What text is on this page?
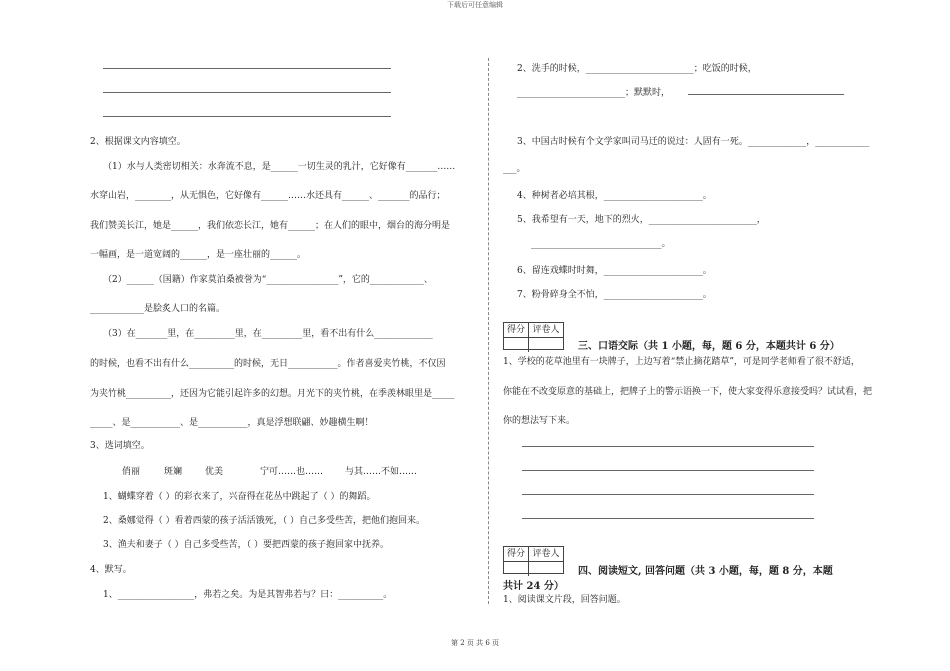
下载后可任意编辑
2、根据课文内容填空。
（1）水与人类密切相关：水奔流不息，是______一切生灵的乳汁，它好像有_______……
水穿山岩，________，从无惧色，它好像有______……水还具有______、_______的品行；
我们赞美长江，她是______，我们依恋长江，她有______；在人们的眼中，烟台的海分明是
一幅画，是一道宽阔的______，是一座壮丽的______。
（2）______（国籍）作家莫泊桑被誉为“________________”，它的____________、
____________是脍炙人口的名篇。
（3）在_______里，在_________里，在_________里，看不出有什么_____________
的时候，也看不出有什么__________的时候，无日___________。作者喜爱夹竹桃，不仅因
为夹竹桃__________，还因为它能引起许多的幻想。月光下的夹竹桃，在季羡林眼里是_____
_____、是___________、是___________，真是浮想联翩、妙趣横生啊！
3、选词填空。
俏丽	斑斓	优美	宁可……也…… 与其……不如……
1、蝴蝶穿着（ ）的彩衣来了，兴奋得在花丛中跳起了（ ）的舞蹈。
2、桑娜觉得（ ）看着西蒙的孩子活活饿死，（ ）自己多受些苦，把他们抱回来。
3、渔夫和妻子（ ）自己多受些苦，（ ）要把西蒙的孩子抱回家中抚养。
4、默写。
1、_________________，弗若之矣。为是其智弗若与？曰：__________。
2、洗手的时候，________________________；吃饭的时候，
________________________；默默时，
3、中国古时候有个文学家叫司马迁的说过：人固有一死。_____________，____________
___。
4、种树者必培其根，______________________。
5、我希望有一天，地下的烈火，________________________，
_____________________________。
6、留连戏蝶时时舞，______________________。
7、粉骨碎身全不怕，______________________。
得分 评卷人
三、口语交际（共 1 小题，每，题 6 分，本题共计 6 分）
1、学校的花草池里有一块牌子，上边写着“禁止摘花踏草”，可是同学老师看了很不舒适，
你能在不改变原意的基础上，把牌子上的警示语换一下，使大家变得乐意接受吗？试试看，把
你的想法写下来。
得分 评卷人
四、阅读短文, 回答问题（共 3 小题，每，题 8 分，本题
共计 24 分）
1、阅读课文片段，回答问题。
第 2 页 共 6 页
